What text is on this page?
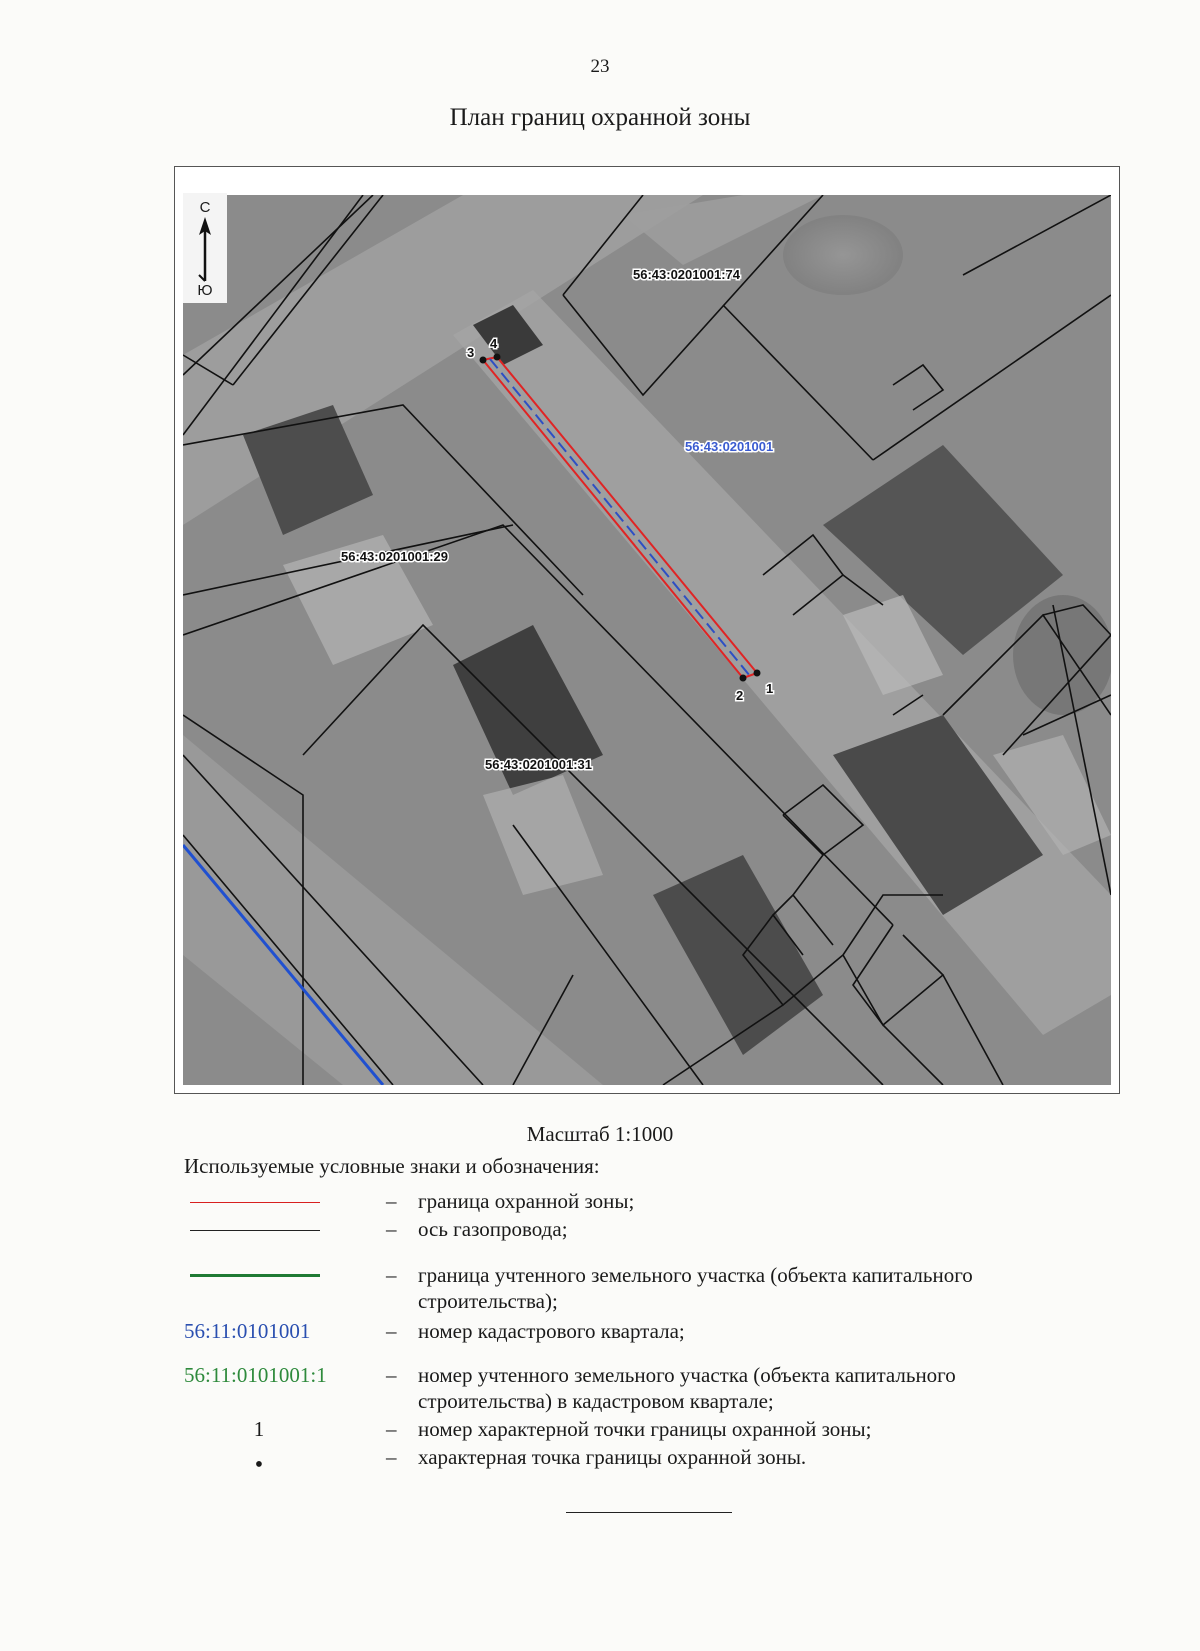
23
План границ охранной зоны
1
2
3
4
56:43:0201001:74
56:43:0201001
56:43:0201001:29
56:43:0201001:31
С
Ю
Масштаб 1:1000
Используемые условные знаки и обозначения:
– граница охранной зоны;
– ось газопровода;
– граница учтенного земельного участка (объекта капитального строительства);
56:11:0101001	– номер кадастрового квартала;
56:11:0101001:1	– номер учтенного земельного участка (объекта капитального строительства) в кадастровом квартале;
1	– номер характерной точки границы охранной зоны;
•	– характерная точка границы охранной зоны.
